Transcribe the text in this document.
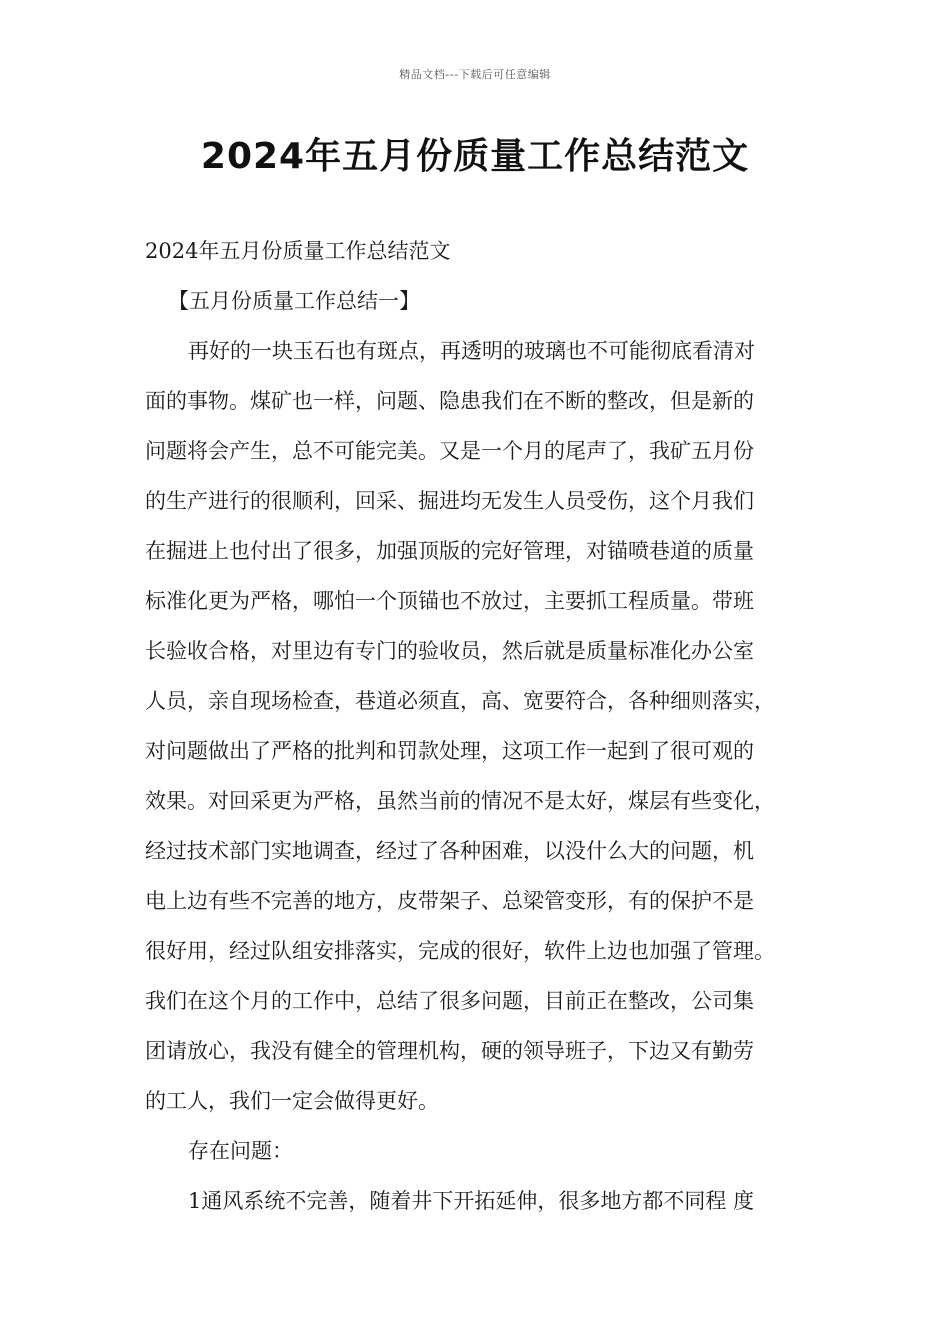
精品文档---下载后可任意编辑
2024年五月份质量工作总结范文
2024年五月份质量工作总结范文
【五月份质量工作总结一】
再好的一块玉石也有斑点，再透明的玻璃也不可能彻底看清对
面的事物。煤矿也一样，问题、隐患我们在不断的整改，但是新的
问题将会产生，总不可能完美。又是一个月的尾声了，我矿五月份
的生产进行的很顺利，回采、掘进均无发生人员受伤，这个月我们
在掘进上也付出了很多，加强顶版的完好管理，对锚喷巷道的质量
标准化更为严格，哪怕一个顶锚也不放过，主要抓工程质量。带班
长验收合格，对里边有专门的验收员，然后就是质量标准化办公室
人员，亲自现场检查，巷道必须直，高、宽要符合，各种细则落实，
对问题做出了严格的批判和罚款处理，这项工作一起到了很可观的
效果。对回采更为严格，虽然当前的情况不是太好，煤层有些变化，
经过技术部门实地调查，经过了各种困难，以没什么大的问题，机
电上边有些不完善的地方，皮带架子、总梁管变形，有的保护不是
很好用，经过队组安排落实，完成的很好，软件上边也加强了管理。
我们在这个月的工作中，总结了很多问题，目前正在整改，公司集
团请放心，我没有健全的管理机构，硬的领导班子，下边又有勤劳
的工人，我们一定会做得更好。
存在问题：
1通风系统不完善，随着井下开拓延伸，很多地方都不同程 度
